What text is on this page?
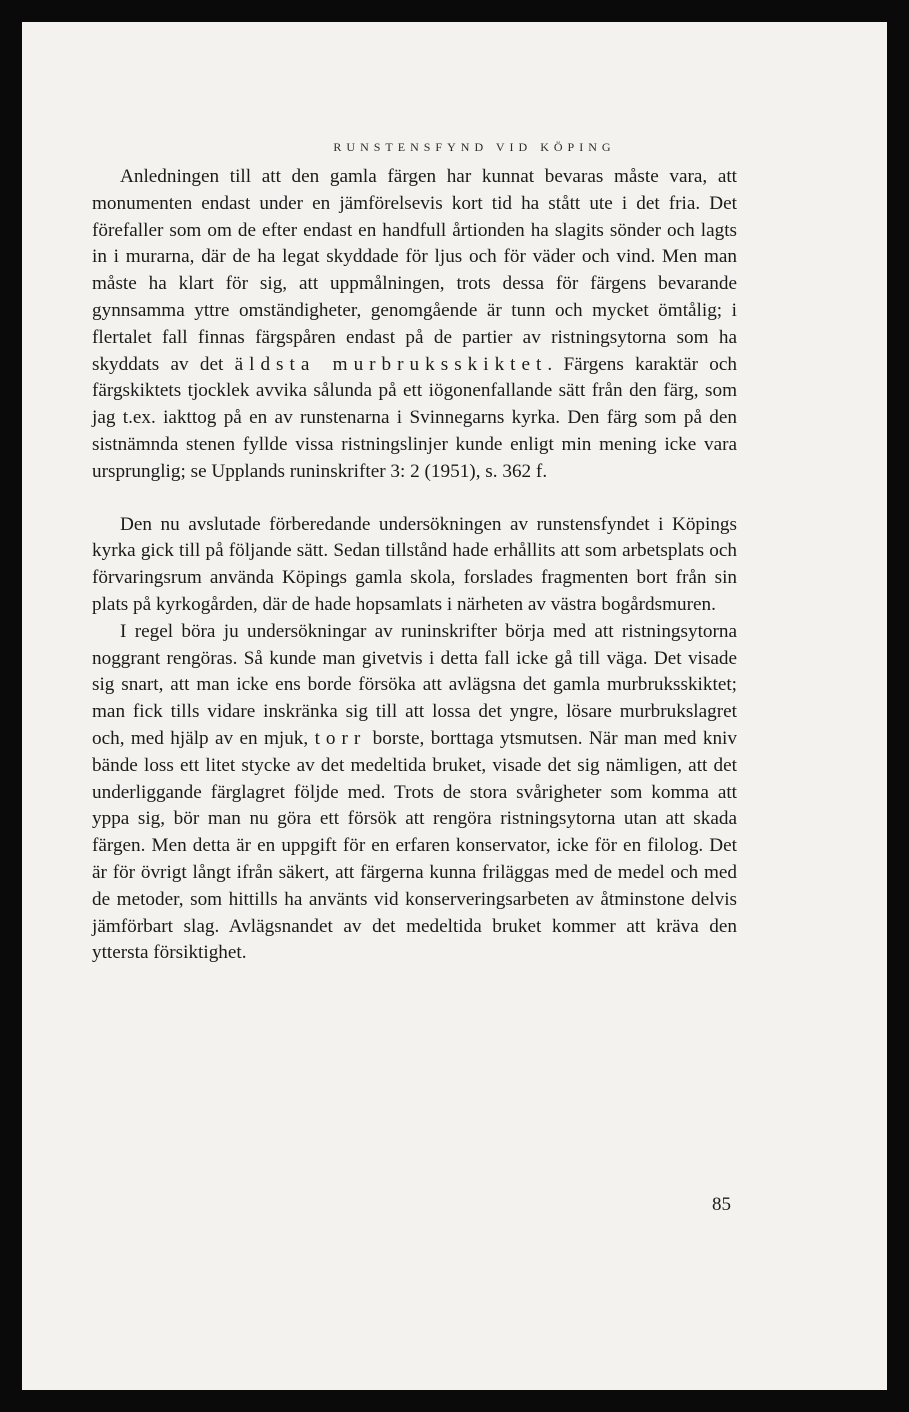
RUNSTENSFYND VID KÖPING

Anledningen till att den gamla färgen har kunnat bevaras måste vara, att monumenten endast under en jämförelsevis kort tid ha stått ute i det fria. Det förefaller som om de efter endast en handfull årtionden ha slagits sönder och lagts in i murarna, där de ha legat skyddade för ljus och för väder och vind. Men man måste ha klart för sig, att uppmålningen, trots dessa för färgens bevarande gynnsamma yttre omständigheter, genomgående är tunn och mycket ömtålig; i flertalet fall finnas färgspåren endast på de partier av ristningsytorna som ha skyddats av det äldsta murbruksskiktet. Färgens karaktär och färgskiktets tjocklek avvika sålunda på ett iögonenfallande sätt från den färg, som jag t.ex. iakttog på en av runstenarna i Svinnegarns kyrka. Den färg som på den sistnämnda stenen fyllde vissa ristningslinjer kunde enligt min mening icke vara ursprunglig; se Upplands runinskrifter 3: 2 (1951), s. 362 f.

Den nu avslutade förberedande undersökningen av runstensfyndet i Köpings kyrka gick till på följande sätt. Sedan tillstånd hade erhållits att som arbetsplats och förvaringsrum använda Köpings gamla skola, forslades fragmenten bort från sin plats på kyrkogården, där de hade hopsamlats i närheten av västra bogårdsmuren.

I regel böra ju undersökningar av runinskrifter börja med att ristningsytorna noggrant rengöras. Så kunde man givetvis i detta fall icke gå till väga. Det visade sig snart, att man icke ens borde försöka att avlägsna det gamla murbruksskiktet; man fick tills vidare inskränka sig till att lossa det yngre, lösare murbrukslagret och, med hjälp av en mjuk, torr borste, borttaga ytsmutsen. När man med kniv bände loss ett litet stycke av det medeltida bruket, visade det sig nämligen, att det underliggande färglagret följde med. Trots de stora svårigheter som komma att yppa sig, bör man nu göra ett försök att rengöra ristningsytorna utan att skada färgen. Men detta är en uppgift för en erfaren konservator, icke för en filolog. Det är för övrigt långt ifrån säkert, att färgerna kunna friläggas med de medel och med de metoder, som hittills ha använts vid konserveringsarbeten av åtminstone delvis jämförbart slag. Avlägsnandet av det medeltida bruket kommer att kräva den yttersta försiktighet.

85
